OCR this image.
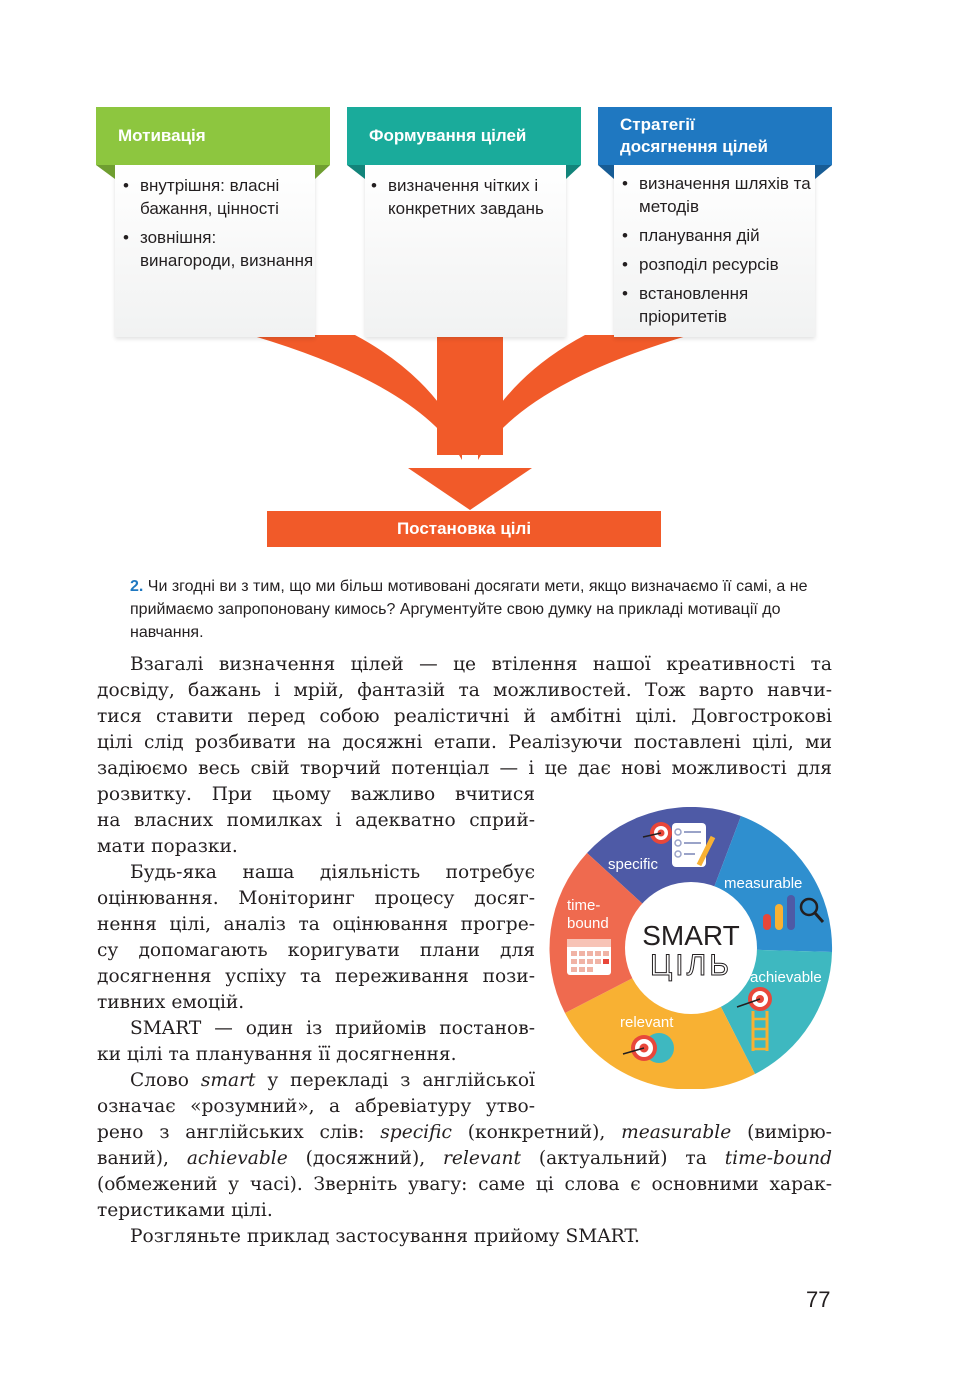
• внутрішня: власні бажання, цінності
• зовнішня: винагороди, визнання
Мотивація
• визначення чітких і конкретних завдань
Формування цілей
• визначення шляхів та методів
• планування дій
• розподіл ресурсів
• встановлення пріоритетів
Стратегії досягнення цілей
Постановка цілі
2. Чи згодні ви з тим, що ми більш мотивовані досягати мети, якщо визначаємо її самі, а не приймаємо запропоновану кимось? Аргументуйте свою думку на прикладі мотивації до навчання.
Взагалі визначення цілей — це втілення нашої креативності та
досвіду, бажань і мрій, фантазій та можливостей. Тож варто навчи-
тися ставити перед собою реалістичні й амбітні цілі. Довгострокові
цілі слід розбивати на досяжні етапи. Реалізуючи поставлені цілі, ми
задіюємо весь свій творчий потенціал — і це дає нові можливості для
розвитку. При цьому важливо вчитися
на власних помилках і адекватно сприй-
мати поразки.
Будь-яка наша діяльність потребує
оцінювання. Моніторинг процесу досяг-
нення цілі, аналіз та оцінювання прогре-
су допомагають коригувати плани для
досягнення успіху та переживання пози-
тивних емоцій.
SMART — один із прийомів постанов-
ки цілі та планування її досягнення.
Слово smart у перекладі з англійської
означає «розумний», а абревіатуру утво-
рено з англійських слів: specific (конкретний), measurable (вимірю-
ваний), achievable (досяжний), relevant (актуальний) та time-bound
(обмежений у часі). Зверніть увагу: саме ці слова є основними харак-
теристиками цілі.
Розгляньте приклад застосування прийому SMART.
specific
measurable
achievable
relevant
time-
bound SMART
ЦІЛЬ
77
